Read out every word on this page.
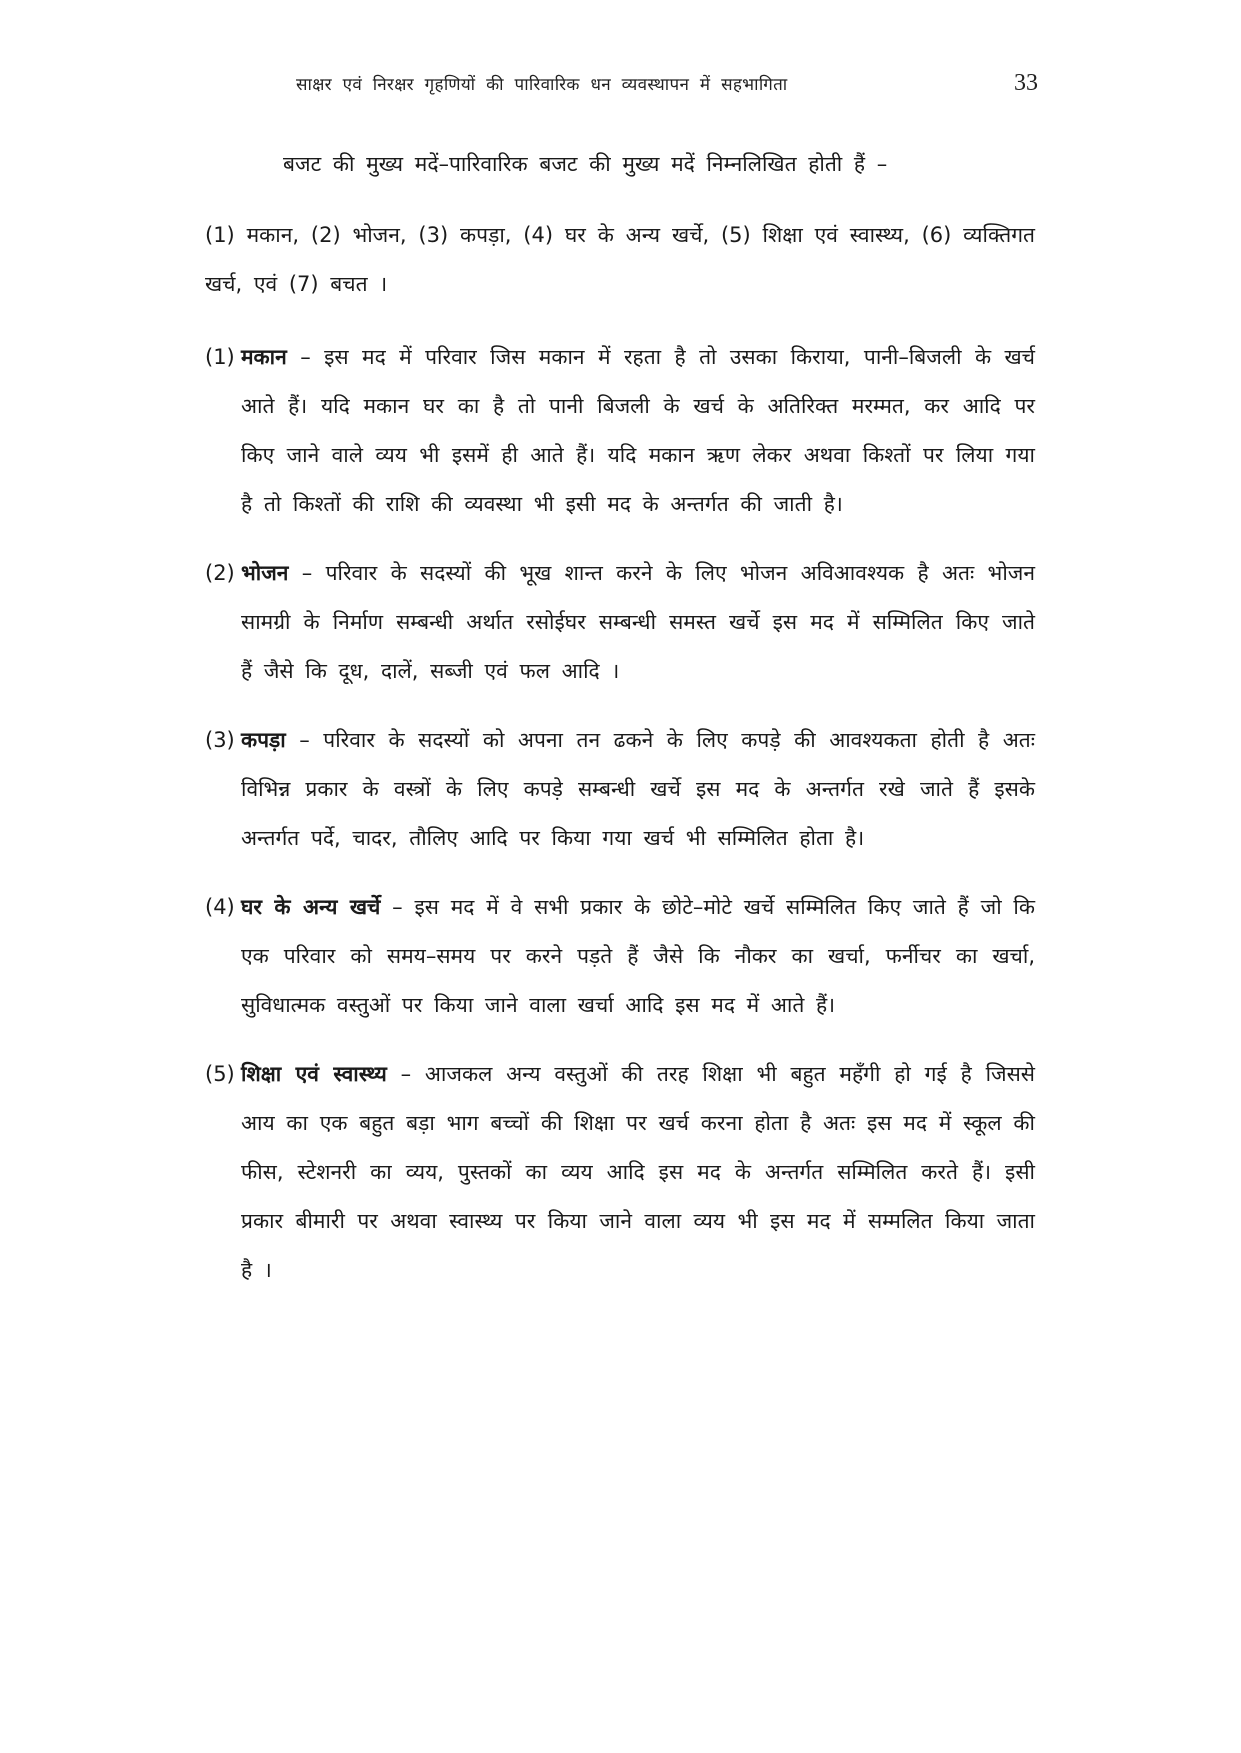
साक्षर एवं निरक्षर गृहणियों की पारिवारिक धन व्यवस्थापन में सहभागिता	33

बजट की मुख्य मदें–पारिवारिक बजट की मुख्य मदें निम्नलिखित होती हैं –

(1) मकान, (2) भोजन, (3) कपड़ा, (4) घर के अन्य खर्चे, (5) शिक्षा एवं स्वास्थ्य, (6) व्यक्तिगत खर्च, एवं (7) बचत ।

(1) मकान – इस मद में परिवार जिस मकान में रहता है तो उसका किराया, पानी–बिजली के खर्च आते हैं। यदि मकान घर का है तो पानी बिजली के खर्च के अतिरिक्त मरम्मत, कर आदि पर किए जाने वाले व्यय भी इसमें ही आते हैं। यदि मकान ऋण लेकर अथवा किश्तों पर लिया गया है तो किश्तों की राशि की व्यवस्था भी इसी मद के अन्तर्गत की जाती है।
(2) भोजन – परिवार के सदस्यों की भूख शान्त करने के लिए भोजन अविआवश्यक है अतः भोजन सामग्री के निर्माण सम्बन्धी अर्थात रसोईघर सम्बन्धी समस्त खर्चे इस मद में सम्मिलित किए जाते हैं जैसे कि दूध, दालें, सब्जी एवं फल आदि ।
(3) कपड़ा – परिवार के सदस्यों को अपना तन ढकने के लिए कपड़े की आवश्यकता होती है अतः विभिन्न प्रकार के वस्त्रों के लिए कपड़े सम्बन्धी खर्चे इस मद के अन्तर्गत रखे जाते हैं इसके अन्तर्गत पर्दे, चादर, तौलिए आदि पर किया गया खर्च भी सम्मिलित होता है।
(4) घर के अन्य खर्चे – इस मद में वे सभी प्रकार के छोटे–मोटे खर्चे सम्मिलित किए जाते हैं जो कि एक परिवार को समय–समय पर करने पड़ते हैं जैसे कि नौकर का खर्चा, फर्नीचर का खर्चा, सुविधात्मक वस्तुओं पर किया जाने वाला खर्चा आदि इस मद में आते हैं।
(5) शिक्षा एवं स्वास्थ्य – आजकल अन्य वस्तुओं की तरह शिक्षा भी बहुत महँगी हो गई है जिससे आय का एक बहुत बड़ा भाग बच्चों की शिक्षा पर खर्च करना होता है अतः इस मद में स्कूल की फीस, स्टेशनरी का व्यय, पुस्तकों का व्यय आदि इस मद के अन्तर्गत सम्मिलित करते हैं। इसी प्रकार बीमारी पर अथवा स्वास्थ्य पर किया जाने वाला व्यय भी इस मद में सम्मलित किया जाता है ।
